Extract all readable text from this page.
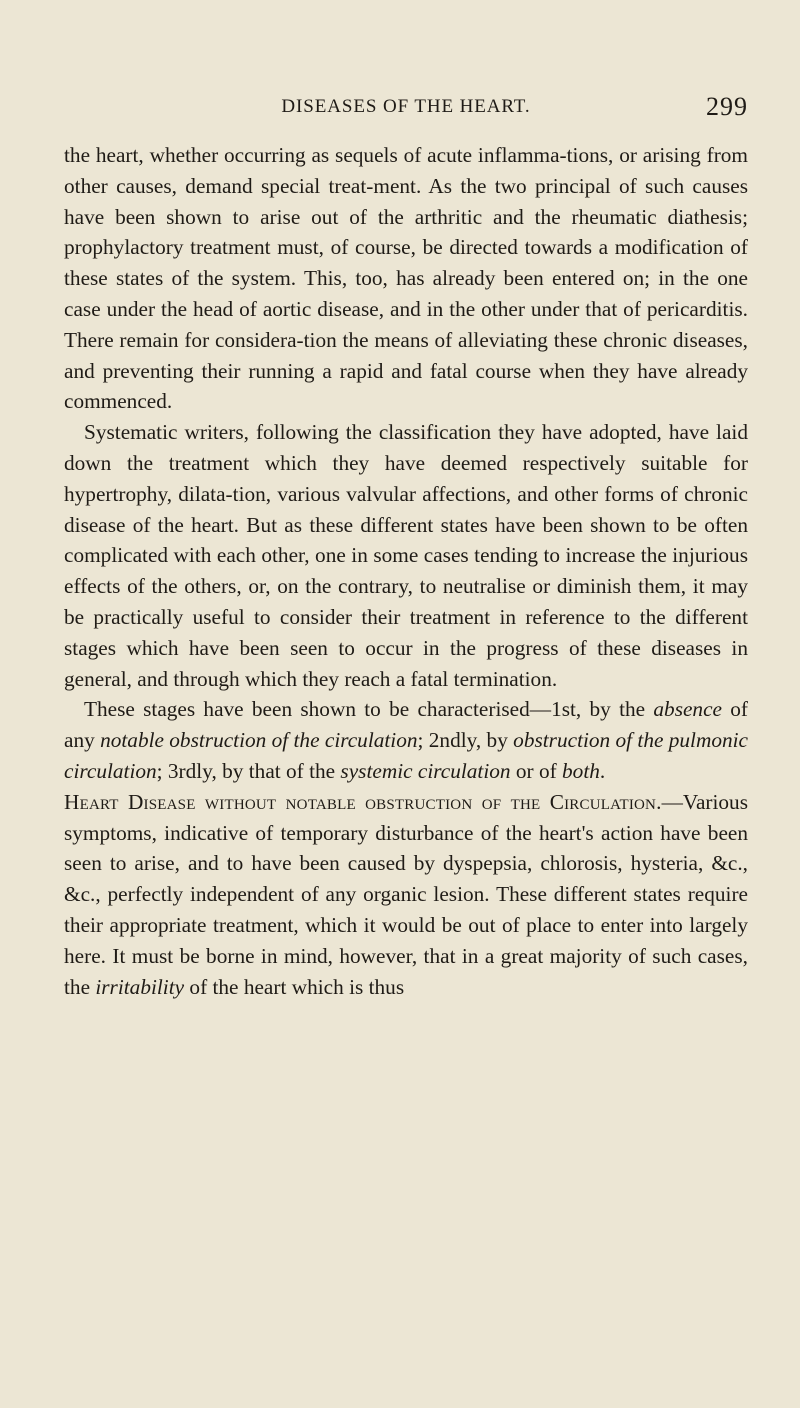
DISEASES OF THE HEART.	299

the heart, whether occurring as sequels of acute inflamma-tions, or arising from other causes, demand special treat-ment. As the two principal of such causes have been shown to arise out of the arthritic and the rheumatic diathesis; prophylactory treatment must, of course, be directed towards a modification of these states of the system. This, too, has already been entered on; in the one case under the head of aortic disease, and in the other under that of pericarditis. There remain for considera-tion the means of alleviating these chronic diseases, and preventing their running a rapid and fatal course when they have already commenced.

Systematic writers, following the classification they have adopted, have laid down the treatment which they have deemed respectively suitable for hypertrophy, dilata-tion, various valvular affections, and other forms of chronic disease of the heart. But as these different states have been shown to be often complicated with each other, one in some cases tending to increase the injurious effects of the others, or, on the contrary, to neutralise or diminish them, it may be practically useful to consider their treatment in reference to the different stages which have been seen to occur in the progress of these diseases in general, and through which they reach a fatal termination.

These stages have been shown to be characterised—1st, by the absence of any notable obstruction of the circulation; 2ndly, by obstruction of the pulmonic circulation; 3rdly, by that of the systemic circulation or of both.

Heart Disease without notable obstruction of the Circulation.—Various symptoms, indicative of temporary disturbance of the heart's action have been seen to arise, and to have been caused by dyspepsia, chlorosis, hysteria, &c., &c., perfectly independent of any organic lesion. These different states require their appropriate treatment, which it would be out of place to enter into largely here. It must be borne in mind, however, that in a great majority of such cases, the irritability of the heart which is thus
